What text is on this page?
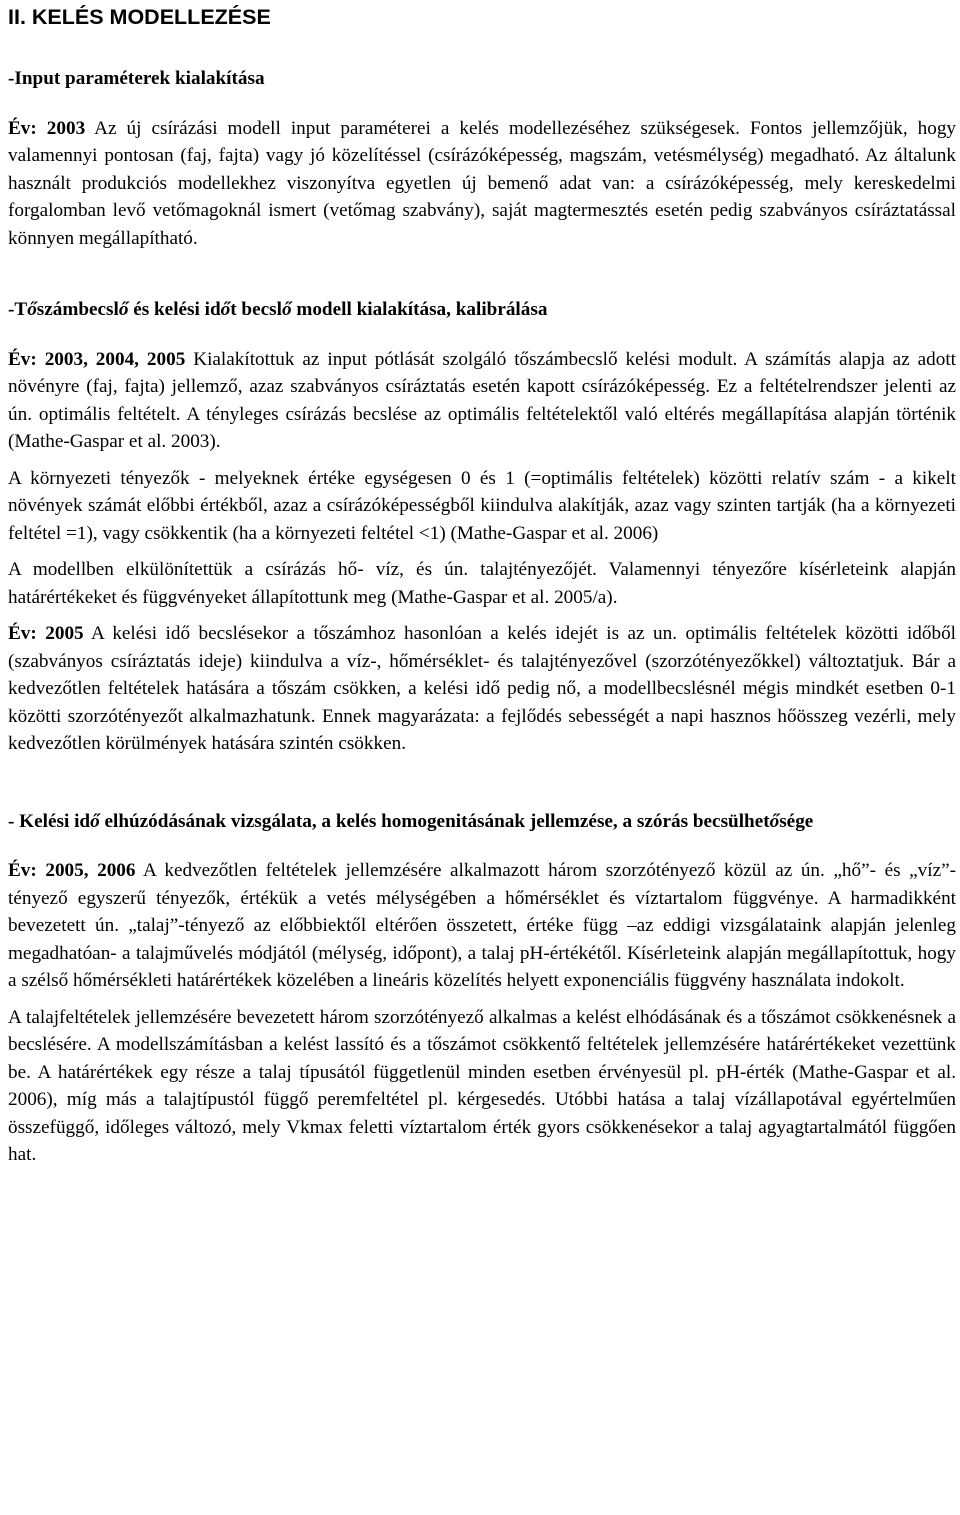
II. KELÉS MODELLEZÉSE
-Input paraméterek kialakítása

Év: 2003 Az új csírázási modell input paraméterei a kelés modellezéséhez szükségesek. Fontos jellemzőjük, hogy valamennyi pontosan (faj, fajta) vagy jó közelítéssel (csírázóképesség, magszám, vetésmélység) megadható. Az általunk használt produkciós modellekhez viszonyítva egyetlen új bemenő adat van: a csírázóképesség, mely kereskedelmi forgalomban levő vetőmagoknál ismert (vetőmag szabvány), saját magtermesztés esetén pedig szabványos csíráztatással könnyen megállapítható.

-Tőszámbecslő és kelési időt becslő modell kialakítása, kalibrálása

Év: 2003, 2004, 2005 Kialakítottuk az input pótlását szolgáló tőszámbecslő kelési modult. A számítás alapja az adott növényre (faj, fajta) jellemző, azaz szabványos csíráztatás esetén kapott csírázóképesség. Ez a feltételrendszer jelenti az ún. optimális feltételt. A tényleges csírázás becslése az optimális feltételektől való eltérés megállapítása alapján történik (Mathe-Gaspar et al. 2003).

A környezeti tényezők - melyeknek értéke egységesen 0 és 1 (=optimális feltételek) közötti relatív szám - a kikelt növények számát előbbi értékből, azaz a csírázóképességből kiindulva alakítják, azaz vagy szinten tartják (ha a környezeti feltétel =1), vagy csökkentik (ha a környezeti feltétel <1) (Mathe-Gaspar et al. 2006)

A modellben elkülönítettük a csírázás hő- víz, és ún. talajtényezőjét. Valamennyi tényezőre kísérleteink alapján határértékeket és függvényeket állapítottunk meg (Mathe-Gaspar et al. 2005/a).

Év: 2005 A kelési idő becslésekor a tőszámhoz hasonlóan a kelés idejét is az un. optimális feltételek közötti időből (szabványos csíráztatás ideje) kiindulva a víz-, hőmérséklet- és talajtényezővel (szorzótényezőkkel) változtatjuk. Bár a kedvezőtlen feltételek hatására a tőszám csökken, a kelési idő pedig nő, a modellbecslésnél mégis mindkét esetben 0-1 közötti szorzótényezőt alkalmazhatunk. Ennek magyarázata: a fejlődés sebességét a napi hasznos hőösszeg vezérli, mely kedvezőtlen körülmények hatására szintén csökken.

- Kelési idő elhúzódásának vizsgálata, a kelés homogenitásának jellemzése, a szórás becsülhetősége

Év: 2005, 2006 A kedvezőtlen feltételek jellemzésére alkalmazott három szorzótényező közül az ún. „hő”- és „víz”-tényező egyszerű tényezők, értékük a vetés mélységében a hőmérséklet és víztartalom függvénye. A harmadikként bevezetett ún. „talaj”-tényező az előbbiektől eltérően összetett, értéke függ –az eddigi vizsgálataink alapján jelenleg megadhatóan- a talajművelés módjától (mélység, időpont), a talaj pH-értékétől. Kísérleteink alapján megállapítottuk, hogy a szélső hőmérsékleti határértékek közelében a lineáris közelítés helyett exponenciális függvény használata indokolt.

A talajfeltételek jellemzésére bevezetett három szorzótényező alkalmas a kelést elhódásának és a tőszámot csökkenésnek a becslésére. A modellszámításban a kelést lassító és a tőszámot csökkentő feltételek jellemzésére határértékeket vezettünk be. A határértékek egy része a talaj típusától függetlenül minden esetben érvényesül pl. pH-érték (Mathe-Gaspar et al. 2006), míg más a talajtípustól függő peremfeltétel pl. kérgesedés. Utóbbi hatása a talaj vízállapotával egyértelműen összefüggő, időleges változó, mely Vkmax feletti víztartalom érték gyors csökkenésekor a talaj agyagtartalmától függően hat.
